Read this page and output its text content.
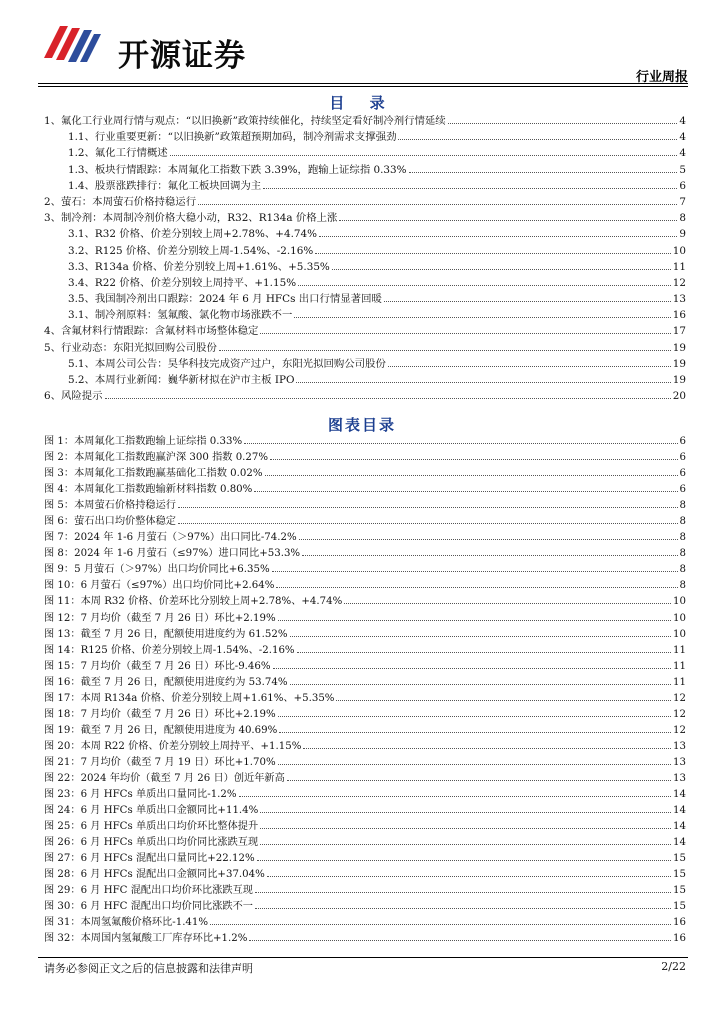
开源证券
行业周报
目 录
1、氟化工行业周行情与观点：“以旧换新”政策持续催化，持续坚定看好制冷剂行情延续	4
1.1、行业重要更新：“以旧换新”政策超预期加码，制冷剂需求支撑强劲	4
1.2、氟化工行情概述	4
1.3、板块行情跟踪：本周氟化工指数下跌 3.39%，跑输上证综指 0.33%	5
1.4、股票涨跌排行：氟化工板块回调为主	6
2、萤石：本周萤石价格持稳运行	7
3、制冷剂：本周制冷剂价格大稳小动，R32、R134a 价格上涨	8
3.1、R32 价格、价差分别较上周+2.78%、+4.74%	9
3.2、R125 价格、价差分别较上周-1.54%、-2.16%	10
3.3、R134a 价格、价差分别较上周+1.61%、+5.35%	11
3.4、R22 价格、价差分别较上周持平、+1.15%	12
3.5、我国制冷剂出口跟踪：2024 年 6 月 HFCs 出口行情显著回暖	13
3.1、制冷剂原料：氢氟酸、氯化物市场涨跌不一	16
4、含氟材料行情跟踪：含氟材料市场整体稳定	17
5、行业动态：东阳光拟回购公司股份	19
5.1、本周公司公告：昊华科技完成资产过户，东阳光拟回购公司股份	19
5.2、本周行业新闻：巍华新材拟在沪市主板 IPO	19
6、风险提示	20
图表目录
图 1：本周氟化工指数跑输上证综指 0.33%	6
图 2：本周氟化工指数跑赢沪深 300 指数 0.27%	6
图 3：本周氟化工指数跑赢基础化工指数 0.02%	6
图 4：本周氟化工指数跑输新材料指数 0.80%	6
图 5：本周萤石价格持稳运行	8
图 6：萤石出口均价整体稳定	8
图 7：2024 年 1-6 月萤石（＞97%）出口同比-74.2%	8
图 8：2024 年 1-6 月萤石（≤97%）进口同比+53.3%	8
图 9：5 月萤石（＞97%）出口均价同比+6.35%	8
图 10：6 月萤石（≤97%）出口均价同比+2.64%	8
图 11：本周 R32 价格、价差环比分别较上周+2.78%、+4.74%	10
图 12：7 月均价（截至 7 月 26 日）环比+2.19%	10
图 13：截至 7 月 26 日，配额使用进度约为 61.52%	10
图 14：R125 价格、价差分别较上周-1.54%、-2.16%	11
图 15：7 月均价（截至 7 月 26 日）环比-9.46%	11
图 16：截至 7 月 26 日，配额使用进度约为 53.74%	11
图 17：本周 R134a 价格、价差分别较上周+1.61%、+5.35%	12
图 18：7 月均价（截至 7 月 26 日）环比+2.19%	12
图 19：截至 7 月 26 日，配额使用进度为 40.69%	12
图 20：本周 R22 价格、价差分别较上周持平、+1.15%	13
图 21：7 月均价（截至 7 月 19 日）环比+1.70%	13
图 22：2024 年均价（截至 7 月 26 日）创近年新高	13
图 23：6 月 HFCs 单质出口量同比-1.2%	14
图 24：6 月 HFCs 单质出口金额同比+11.4%	14
图 25：6 月 HFCs 单质出口均价环比整体提升	14
图 26：6 月 HFCs 单质出口均价同比涨跌互现	14
图 27：6 月 HFCs 混配出口量同比+22.12%	15
图 28：6 月 HFCs 混配出口金额同比+37.04%	15
图 29：6 月 HFC 混配出口均价环比涨跌互现	15
图 30：6 月 HFC 混配出口均价同比涨跌不一	15
图 31：本周氢氟酸价格环比-1.41%	16
图 32：本周国内氢氟酸工厂库存环比+1.2%	16
请务必参阅正文之后的信息披露和法律声明	2/22
